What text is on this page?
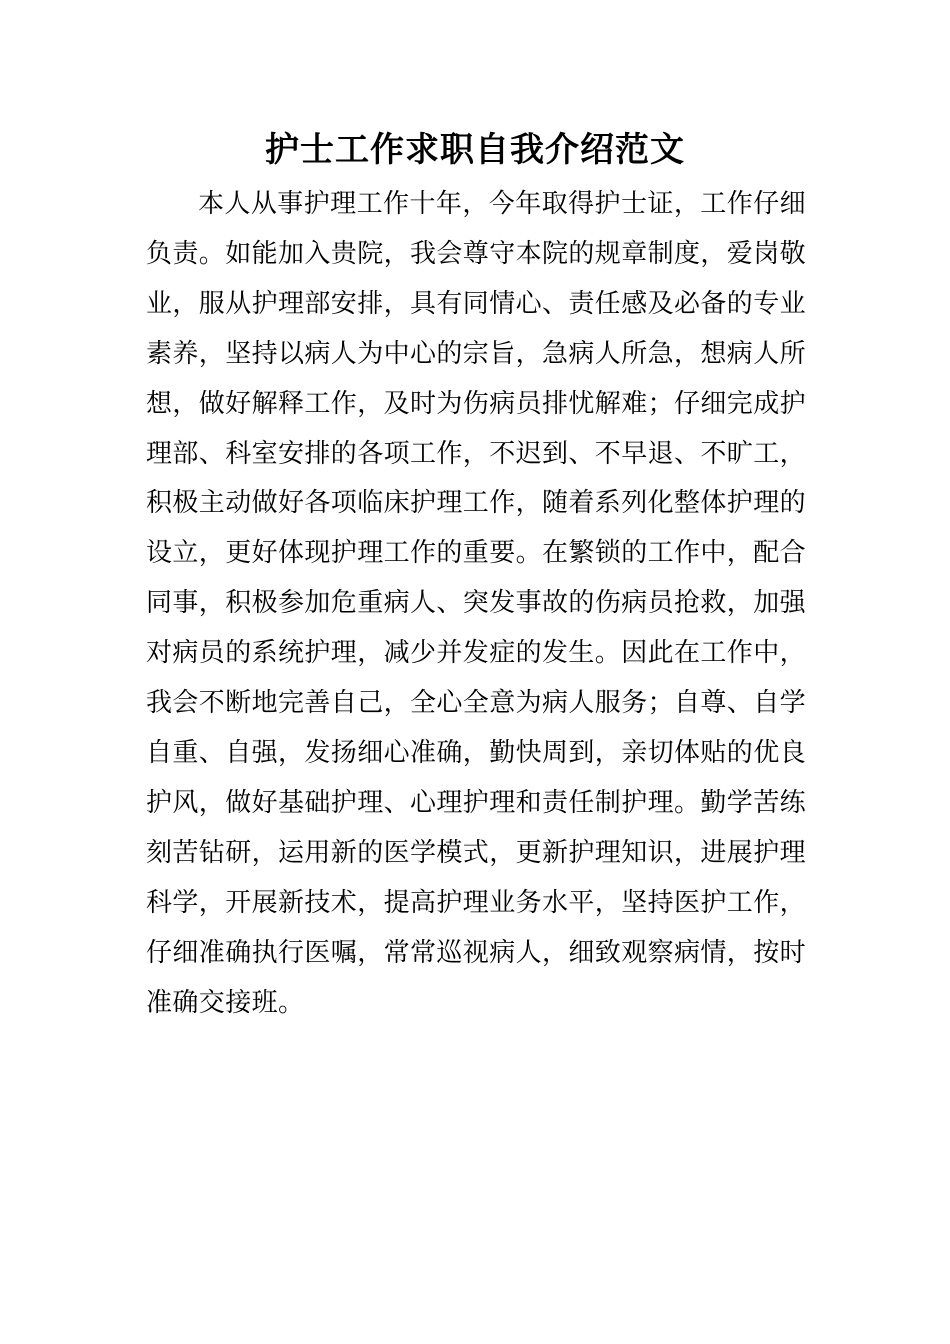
护士工作求职自我介绍范文

本人从事护理工作十年，今年取得护士证，工作仔细负责。如能加入贵院，我会尊守本院的规章制度，爱岗敬业，服从护理部安排，具有同情心、责任感及必备的专业素养，坚持以病人为中心的宗旨，急病人所急，想病人所想，做好解释工作，及时为伤病员排忧解难；仔细完成护理部、科室安排的各项工作，不迟到、不早退、不旷工，积极主动做好各项临床护理工作，随着系列化整体护理的设立，更好体现护理工作的重要。在繁锁的工作中，配合同事，积极参加危重病人、突发事故的伤病员抢救，加强对病员的系统护理，减少并发症的发生。因此在工作中，我会不断地完善自己，全心全意为病人服务；自尊、自学自重、自强，发扬细心准确，勤快周到，亲切体贴的优良护风，做好基础护理、心理护理和责任制护理。勤学苦练刻苦钻研，运用新的医学模式，更新护理知识，进展护理科学，开展新技术，提高护理业务水平，坚持医护工作，仔细准确执行医嘱，常常巡视病人，细致观察病情，按时准确交接班。
